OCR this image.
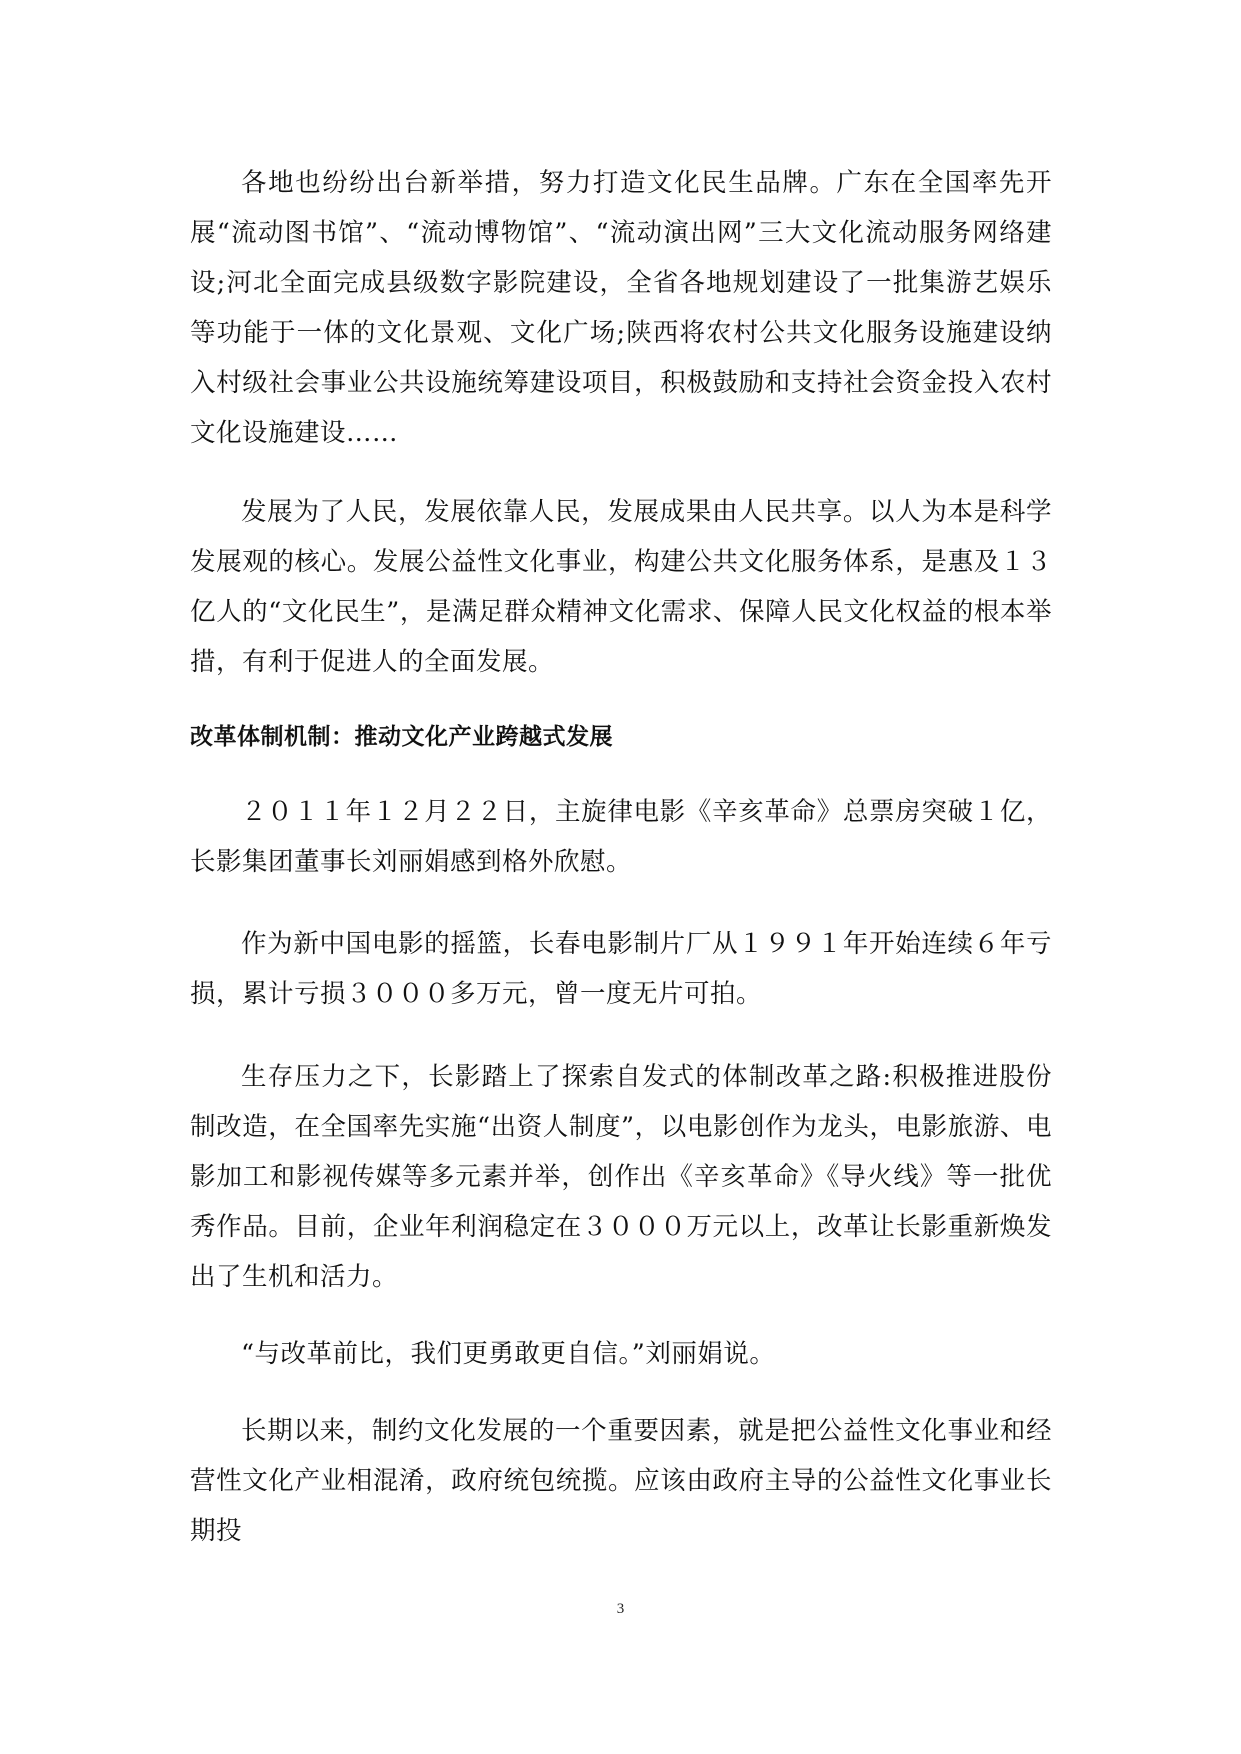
各地也纷纷出台新举措，努力打造文化民生品牌。广东在全国率先开展“流动图书馆”、“流动博物馆”、“流动演出网”三大文化流动服务网络建设;河北全面完成县级数字影院建设，全省各地规划建设了一批集游艺娱乐等功能于一体的文化景观、文化广场;陕西将农村公共文化服务设施建设纳入村级社会事业公共设施统筹建设项目，积极鼓励和支持社会资金投入农村文化设施建设……

发展为了人民，发展依靠人民，发展成果由人民共享。以人为本是科学发展观的核心。发展公益性文化事业，构建公共文化服务体系，是惠及１３亿人的“文化民生”，是满足群众精神文化需求、保障人民文化权益的根本举措，有利于促进人的全面发展。

改革体制机制：推动文化产业跨越式发展

２０１１年１２月２２日，主旋律电影《辛亥革命》总票房突破１亿，长影集团董事长刘丽娟感到格外欣慰。

作为新中国电影的摇篮，长春电影制片厂从１９９１年开始连续６年亏损，累计亏损３０００多万元，曾一度无片可拍。

生存压力之下，长影踏上了探索自发式的体制改革之路:积极推进股份制改造，在全国率先实施“出资人制度”，以电影创作为龙头，电影旅游、电影加工和影视传媒等多元素并举，创作出《辛亥革命》《导火线》等一批优秀作品。目前，企业年利润稳定在３０００万元以上，改革让长影重新焕发出了生机和活力。

“与改革前比，我们更勇敢更自信。”刘丽娟说。

长期以来，制约文化发展的一个重要因素，就是把公益性文化事业和经营性文化产业相混淆，政府统包统揽。应该由政府主导的公益性文化事业长期投

3
